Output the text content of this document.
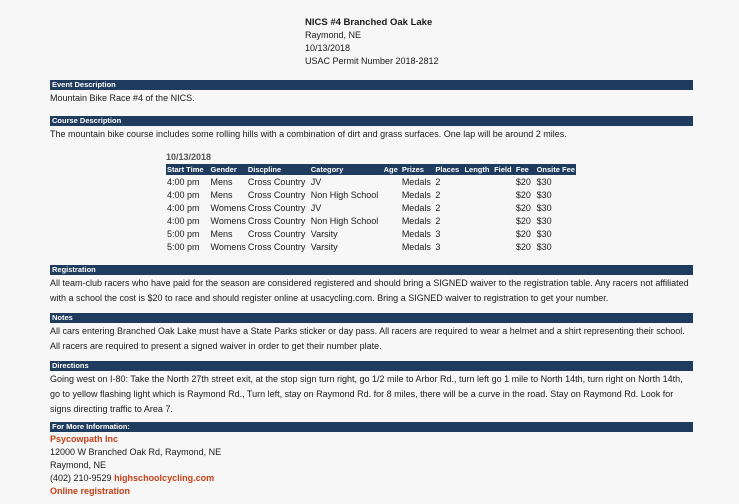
NICS #4 Branched Oak Lake
Raymond, NE
10/13/2018
USAC Permit Number 2018-2812
Event Description
Mountain Bike Race #4 of the NICS.
Course Description
The mountain bike course includes some rolling hills with a combination of dirt and grass surfaces. One lap will be around 2 miles.
10/13/2018
Start Time	Gender	Discpline	Category	Age	Prizes	Places	Length	Field	Fee	Onsite Fee
4:00 pm	Mens	Cross Country	JV		Medals	2			$20	$30
4:00 pm	Mens	Cross Country	Non High School		Medals	2			$20	$30
4:00 pm	Womens	Cross Country	JV		Medals	2			$20	$30
4:00 pm	Womens	Cross Country	Non High School		Medals	2			$20	$30
5:00 pm	Mens	Cross Country	Varsity		Medals	3			$20	$30
5:00 pm	Womens	Cross Country	Varsity		Medals	3			$20	$30
Registration
All team-club racers who have paid for the season are considered registered and should bring a SIGNED waiver to the registration table. Any racers not affiliated with a school the cost is $20 to race and should register online at usacycling.com. Bring a SIGNED waiver to registration to get your number.
Notes
All cars entering Branched Oak Lake must have a State Parks sticker or day pass. All racers are required to wear a helmet and a shirt representing their school. All racers are required to present a signed waiver in order to get their number plate.
Directions
Going west on I-80: Take the North 27th street exit, at the stop sign turn right, go 1/2 mile to Arbor Rd., turn left go 1 mile to North 14th, turn right on North 14th, go to yellow flashing light which is Raymond Rd., Turn left, stay on Raymond Rd. for 8 miles, there will be a curve in the road. Stay on Raymond Rd. Look for signs directing traffic to Area 7.
For More Information:
Psycowpath Inc
12000 W Branched Oak Rd, Raymond, NE
Raymond, NE
(402) 210-9529 highschoolcycling.com
Online registration
